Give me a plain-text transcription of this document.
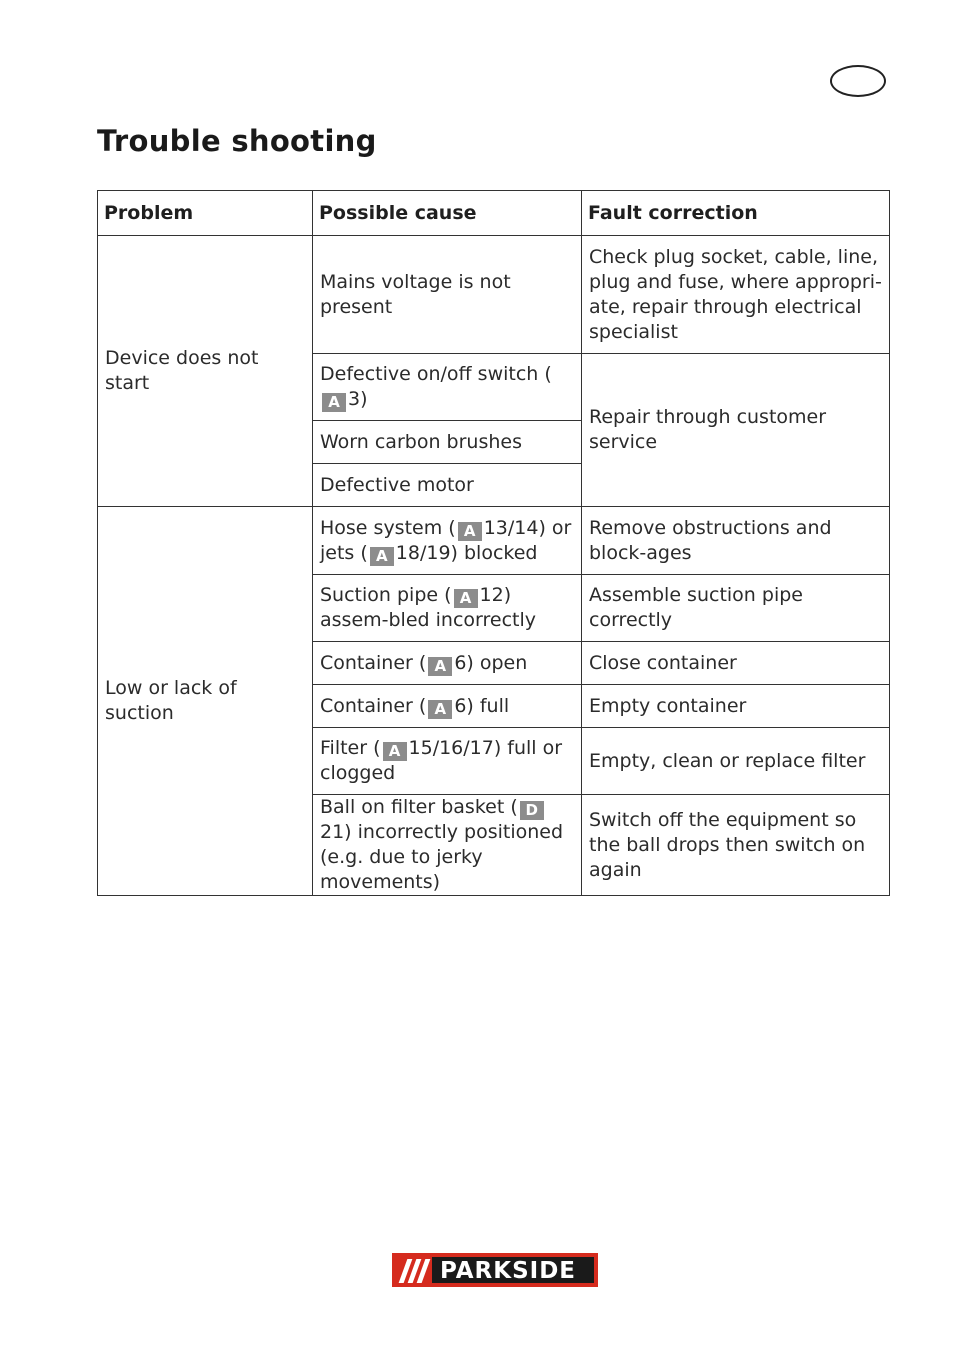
Trouble shooting
Problem	Possible cause	Fault correction
Device does not start	Mains voltage is not present	Check plug socket, cable, line, plug and fuse, where appropri-ate, repair through electrical specialist
	Defective on/off switch (A 3)	Repair through customer service
	Worn carbon brushes	
	Defective motor	
Low or lack of suction	Hose system ( A 13/14) or jets ( A 18/19) blocked	Remove obstructions and block-ages
	Suction pipe ( A 12) assem-bled incorrectly	Assemble suction pipe correctly
	Container ( A 6) open	Close container
	Container ( A 6) full	Empty container
	Filter ( A 15/16/17) full or clogged	Empty, clean or replace filter
	Ball on filter basket ( D21) incorrectly positioned (e.g. due to jerky movements)	Switch off the equipment so the ball drops then switch on again
PARKSIDE
